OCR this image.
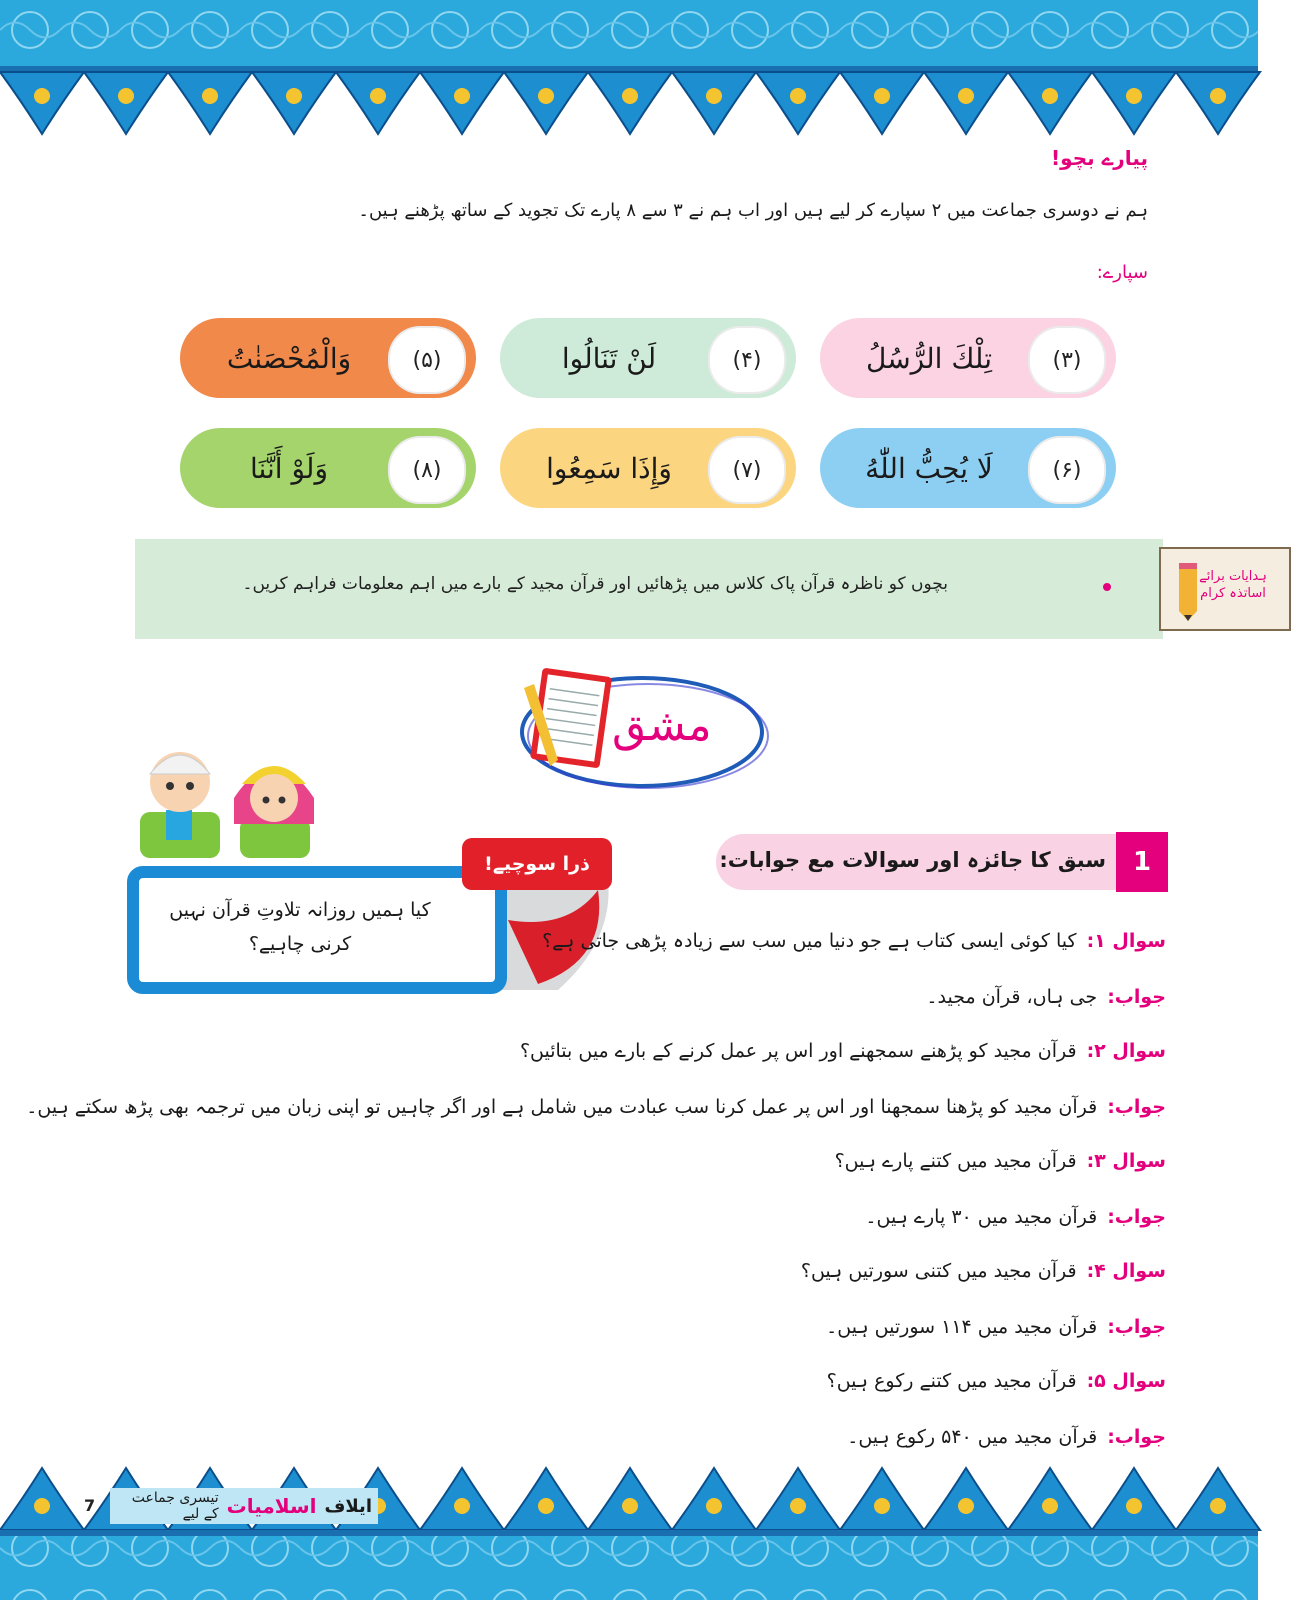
پیارے بچو!
ہم نے دوسری جماعت میں ۲ سپارے کر لیے ہیں اور اب ہم نے ۳ سے ۸ پارے تک تجوید کے ساتھ پڑھنے ہیں۔
سپارے:
(۳)
تِلْكَ الرُّسُلُ
(۴)
لَنْ تَنَالُوا
(۵)
وَالْمُحْصَنٰتُ
(۶)
لَا يُحِبُّ اللّٰهُ
(۷)
وَإِذَا سَمِعُوا
(۸)
وَلَوْ أَنَّنَا
بچوں کو ناظرہ قرآن پاک کلاس میں پڑھائیں اور قرآن مجید کے بارے میں اہم معلومات فراہم کریں۔	ہدایات برائے اساتذہ کرام
مشق
کیا ہمیں روزانہ تلاوتِ قرآن نہیں کرنی چاہیے؟
ذرا سوچیے!	1
سبق کا جائزہ اور سوالات مع جوابات:
سوال ۱:کیا کوئی ایسی کتاب ہے جو دنیا میں سب سے زیادہ پڑھی جاتی ہے؟
جواب:جی ہاں، قرآن مجید۔
سوال ۲:قرآن مجید کو پڑھنے سمجھنے اور اس پر عمل کرنے کے بارے میں بتائیں؟
جواب:قرآن مجید کو پڑھنا سمجھنا اور اس پر عمل کرنا سب عبادت میں شامل ہے اور اگر چاہیں تو اپنی زبان میں ترجمہ بھی پڑھ سکتے ہیں۔
سوال ۳:قرآن مجید میں کتنے پارے ہیں؟
جواب:قرآن مجید میں ۳۰ پارے ہیں۔
سوال ۴:قرآن مجید میں کتنی سورتیں ہیں؟
جواب:قرآن مجید میں ۱۱۴ سورتیں ہیں۔
سوال ۵:قرآن مجید میں کتنے رکوع ہیں؟
جواب:قرآن مجید میں ۵۴۰ رکوع ہیں۔
7	ایلاف
اسلامیات
تیسری جماعت کے لیے
